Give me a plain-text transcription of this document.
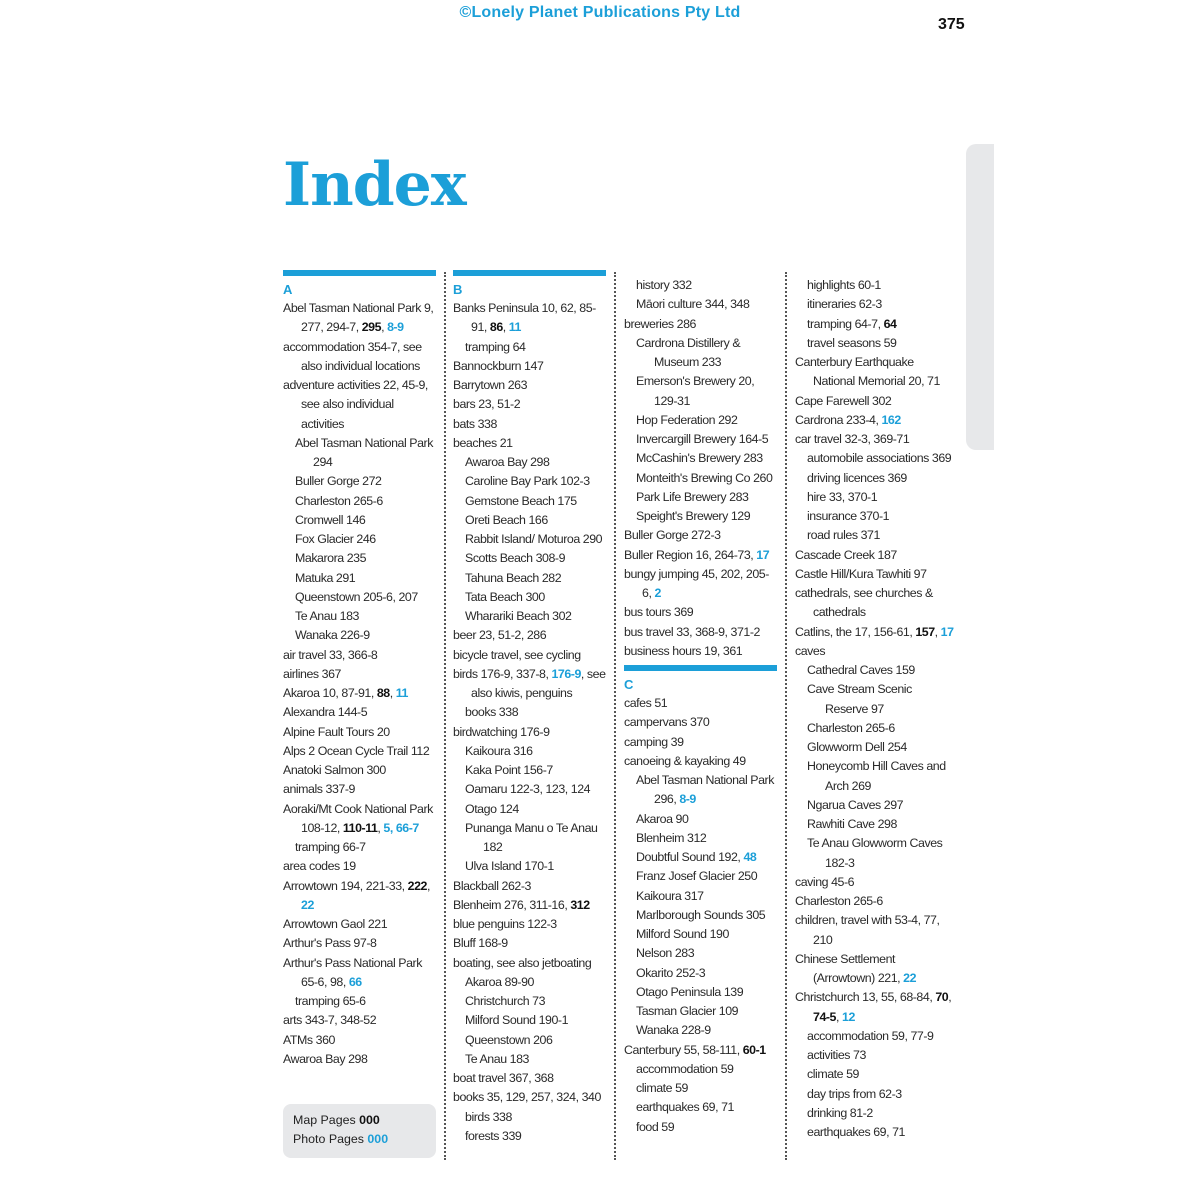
©Lonely Planet Publications Pty Ltd
375
Index
A
Abel Tasman National Park 9, 277, 294-7, 295, 8-9
accommodation 354-7, see also individual locations
adventure activities 22, 45-9, see also individual activities
Abel Tasman National Park 294
Buller Gorge 272
Charleston 265-6
Cromwell 146
Fox Glacier 246
Makarora 235
Matuka 291
Queenstown 205-6, 207
Te Anau 183
Wanaka 226-9
air travel 33, 366-8
airlines 367
Akaroa 10, 87-91, 88, 11
Alexandra 144-5
Alpine Fault Tours 20
Alps 2 Ocean Cycle Trail 112
Anatoki Salmon 300
animals 337-9
Aoraki/Mt Cook National Park 108-12, 110-11, 5, 66-7
tramping 66-7
area codes 19
Arrowtown 194, 221-33, 222, 22
Arrowtown Gaol 221
Arthur's Pass 97-8
Arthur's Pass National Park 65-6, 98, 66
tramping 65-6
arts 343-7, 348-52
ATMs 360
Awaroa Bay 298
B
Banks Peninsula 10, 62, 85-91, 86, 11
tramping 64
Bannockburn 147
Barrytown 263
bars 23, 51-2
bats 338
beaches 21
Awaroa Bay 298
Caroline Bay Park 102-3
Gemstone Beach 175
Oreti Beach 166
Rabbit Island/ Moturoa 290
Scotts Beach 308-9
Tahuna Beach 282
Tata Beach 300
Wharariki Beach 302
beer 23, 51-2, 286
bicycle travel, see cycling
birds 176-9, 337-8, 176-9, see also kiwis, penguins
books 338
birdwatching 176-9
Kaikoura 316
Kaka Point 156-7
Oamaru 122-3, 123, 124
Otago 124
Punanga Manu o Te Anau 182
Ulva Island 170-1
Blackball 262-3
Blenheim 276, 311-16, 312
blue penguins 122-3
Bluff 168-9
boating, see also jetboating
Akaroa 89-90
Christchurch 73
Milford Sound 190-1
Queenstown 206
Te Anau 183
boat travel 367, 368
books 35, 129, 257, 324, 340
birds 338
forests 339
history 332
Māori culture 344, 348
breweries 286
Cardrona Distillery & Museum 233
Emerson's Brewery 20, 129-31
Hop Federation 292
Invercargill Brewery 164-5
McCashin's Brewery 283
Monteith's Brewing Co 260
Park Life Brewery 283
Speight's Brewery 129
Buller Gorge 272-3
Buller Region 16, 264-73, 17
bungy jumping 45, 202, 205-6, 2
bus tours 369
bus travel 33, 368-9, 371-2
business hours 19, 361
C
cafes 51
campervans 370
camping 39
canoeing & kayaking 49
Abel Tasman National Park 296, 8-9
Akaroa 90
Blenheim 312
Doubtful Sound 192, 48
Franz Josef Glacier 250
Kaikoura 317
Marlborough Sounds 305
Milford Sound 190
Nelson 283
Okarito 252-3
Otago Peninsula 139
Tasman Glacier 109
Wanaka 228-9
Canterbury 55, 58-111, 60-1
accommodation 59
climate 59
earthquakes 69, 71
food 59
highlights 60-1
itineraries 62-3
tramping 64-7, 64
travel seasons 59
Canterbury Earthquake National Memorial 20, 71
Cape Farewell 302
Cardrona 233-4, 162
car travel 32-3, 369-71
automobile associations 369
driving licences 369
hire 33, 370-1
insurance 370-1
road rules 371
Cascade Creek 187
Castle Hill/Kura Tawhiti 97
cathedrals, see churches & cathedrals
Catlins, the 17, 156-61, 157, 17
caves
Cathedral Caves 159
Cave Stream Scenic Reserve 97
Charleston 265-6
Glowworm Dell 254
Honeycomb Hill Caves and Arch 269
Ngarua Caves 297
Rawhiti Cave 298
Te Anau Glowworm Caves 182-3
caving 45-6
Charleston 265-6
children, travel with 53-4, 77, 210
Chinese Settlement (Arrowtown) 221, 22
Christchurch 13, 55, 68-84, 70, 74-5, 12
accommodation 59, 77-9
activities 73
climate 59
day trips from 62-3
drinking 81-2
earthquakes 69, 71
Map Pages 000
Photo Pages 000
